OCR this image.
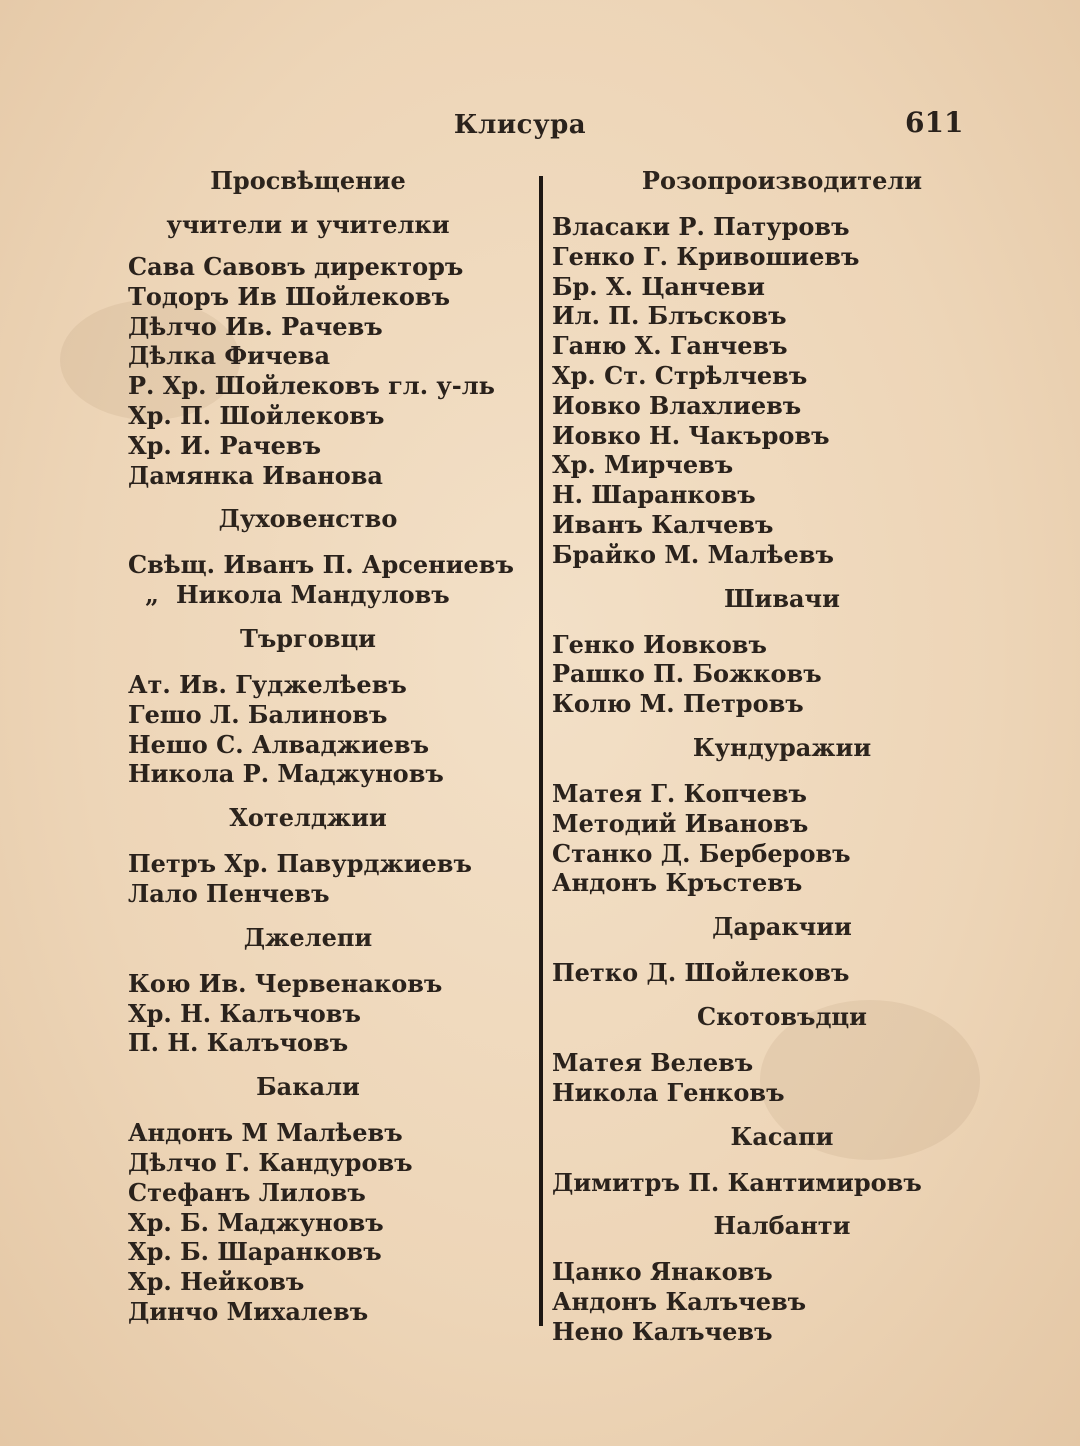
Клисура	611
Просвѣщение
учители и учителки
Сава Савовъ директоръ
Тодоръ Ив Шойлековъ
Дѣлчо Ив. Рачевъ
Дѣлка Фичева
Р. Хр. Шойлековъ гл. у-ль
Хр. П. Шойлековъ
Хр. И. Рачевъ
Дамянка Иванова
Духовенство
Свѣщ. Иванъ П. Арсениевъ
„ Никола Мандуловъ
Търговци
Ат. Ив. Гуджелѣевъ
Гешо Л. Балиновъ
Нешо С. Алваджиевъ
Никола Р. Маджуновъ
Хотелджии
Петръ Хр. Павурджиевъ
Лало Пенчевъ
Джелепи
Кою Ив. Червенаковъ
Хр. Н. Калъчовъ
П. Н. Калъчовъ
Бакали
Андонъ М Малѣевъ
Дѣлчо Г. Кандуровъ
Стефанъ Лиловъ
Хр. Б. Маджуновъ
Хр. Б. Шаранковъ
Хр. Нейковъ
Динчо Михалевъ
Розопроизводители
Власаки Р. Патуровъ
Генко Г. Кривошиевъ
Бр. Х. Цанчеви
Ил. П. Блъсковъ
Ганю Х. Ганчевъ
Хр. Ст. Стрѣлчевъ
Иовко Влахлиевъ
Иовко Н. Чакъровъ
Хр. Мирчевъ
Н. Шаранковъ
Иванъ Калчевъ
Брайко М. Малѣевъ
Шивачи
Генко Иовковъ
Рашко П. Божковъ
Колю М. Петровъ
Кундуражии
Матея Г. Копчевъ
Методий Ивановъ
Станко Д. Берберовъ
Андонъ Кръстевъ
Даракчии
Петко Д. Шойлековъ
Скотовъдци
Матея Велевъ
Никола Генковъ
Касапи
Димитръ П. Кантимировъ
Налбанти
Цанко Янаковъ
Андонъ Калъчевъ
Нено Калъчевъ
